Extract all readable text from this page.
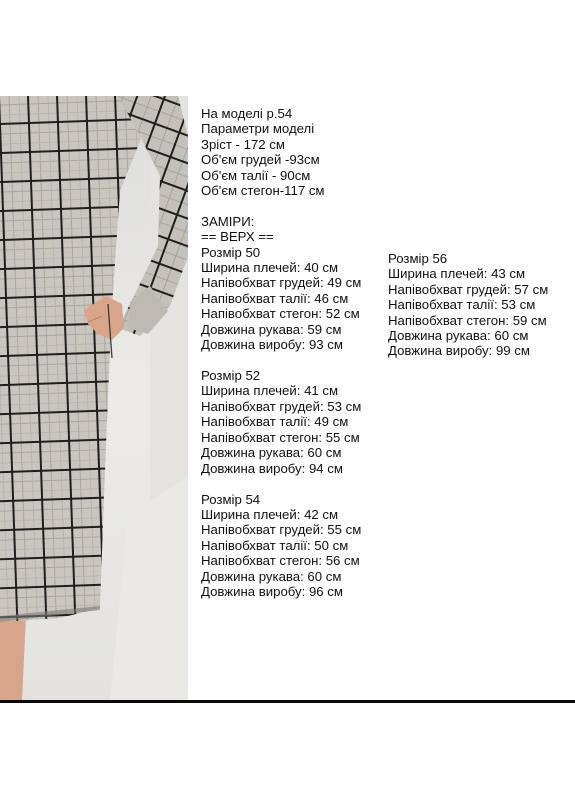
На моделі р.54
Параметри моделі
Зріст - 172 см
Об'єм грудей -93см
Об'єм талії - 90см
Об'єм стегон-117 см
ЗАМІРИ:
== ВЕРХ ==
Розмір 50
Ширина плечей: 40 см
Напівобхват грудей: 49 см
Напівобхват талії: 46 см
Напівобхват стегон: 52 см
Довжина рукава: 59 см
Довжина виробу: 93 см
Розмір 52
Ширина плечей: 41 см
Напівобхват грудей: 53 см
Напівобхват талії: 49 см
Напівобхват стегон: 55 см
Довжина рукава: 60 см
Довжина виробу: 94 см
Розмір 54
Ширина плечей: 42 см
Напівобхват грудей: 55 см
Напівобхват талії: 50 см
Напівобхват стегон: 56 см
Довжина рукава: 60 см
Довжина виробу: 96 см
Розмір 56
Ширина плечей: 43 см
Напівобхват грудей: 57 см
Напівобхват талії: 53 см
Напівобхват стегон: 59 см
Довжина рукава: 60 см
Довжина виробу: 99 см
